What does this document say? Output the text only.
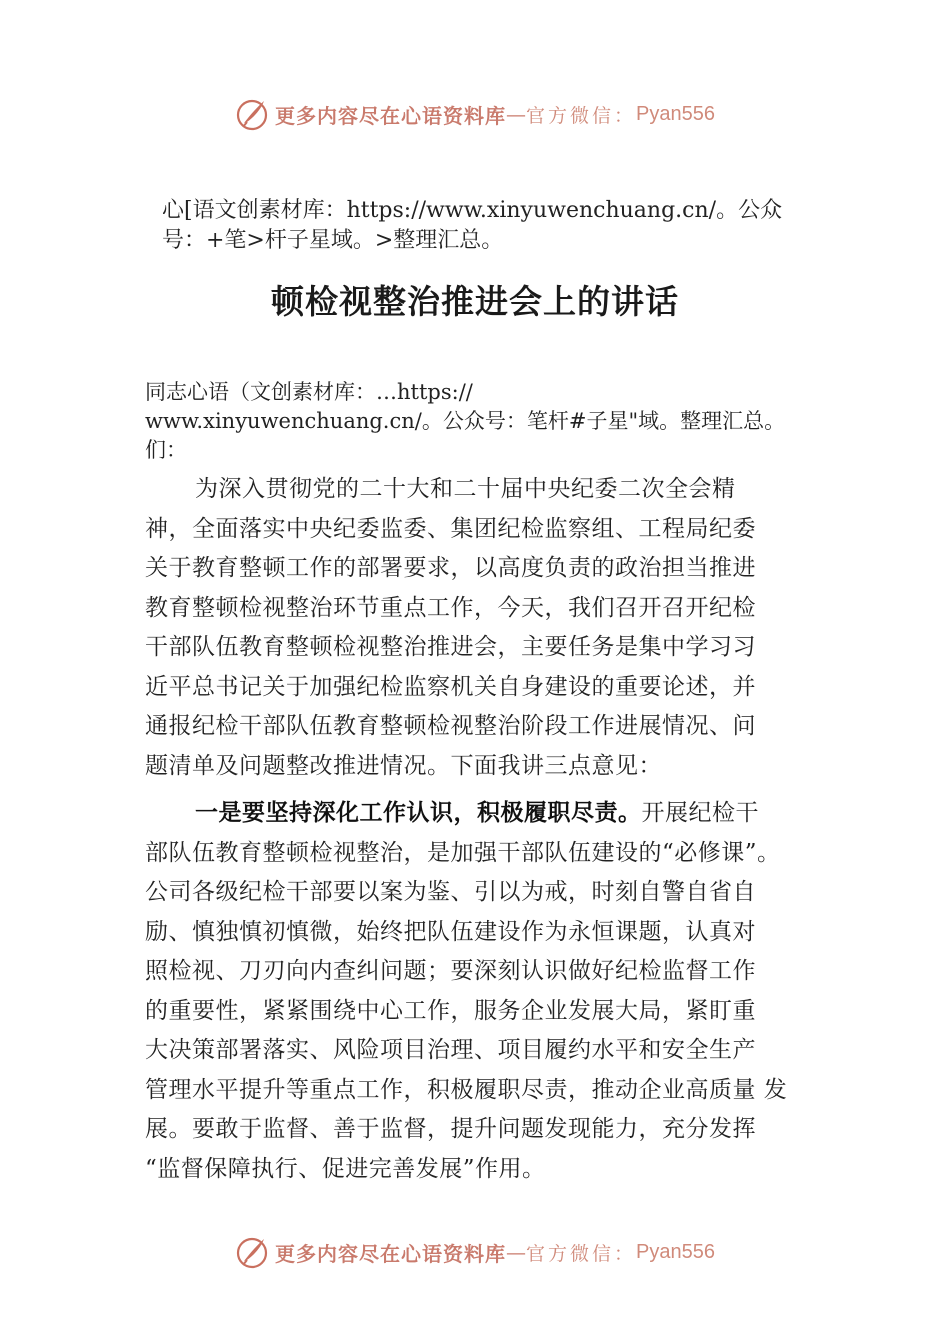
更多内容尽在心语资料库 — 官方微信： Pyan556
心[语文创素材库：https://www.xinyuwenchuang.cn/。公众
号：+笔>杆子星域。>整理汇总。
顿检视整治推进会上的讲话
同志心语（文创素材库：…https://
www.xinyuwenchuang.cn/。公众号：笔杆#子星"域。整理汇总。
们：
为深入贯彻党的二十大和二十届中央纪委二次全会精
神，全面落实中央纪委监委、集团纪检监察组、工程局纪委
关于教育整顿工作的部署要求，以高度负责的政治担当推进
教育整顿检视整治环节重点工作，今天，我们召开召开纪检
干部队伍教育整顿检视整治推进会，主要任务是集中学习习
近平总书记关于加强纪检监察机关自身建设的重要论述，并
通报纪检干部队伍教育整顿检视整治阶段工作进展情况、问
题清单及问题整改推进情况。下面我讲三点意见：
一是要坚持深化工作认识，积极履职尽责。开展纪检干
部队伍教育整顿检视整治，是加强干部队伍建设的“必修课”。
公司各级纪检干部要以案为鉴、引以为戒，时刻自警自省自
励、慎独慎初慎微，始终把队伍建设作为永恒课题，认真对
照检视、刀刃向内查纠问题；要深刻认识做好纪检监督工作
的重要性，紧紧围绕中心工作，服务企业发展大局，紧盯重
大决策部署落实、风险项目治理、项目履约水平和安全生产
管理水平提升等重点工作，积极履职尽责，推动企业高质量 发
展。要敢于监督、善于监督，提升问题发现能力，充分发挥
“监督保障执行、促进完善发展”作用。
更多内容尽在心语资料库 — 官方微信： Pyan556
